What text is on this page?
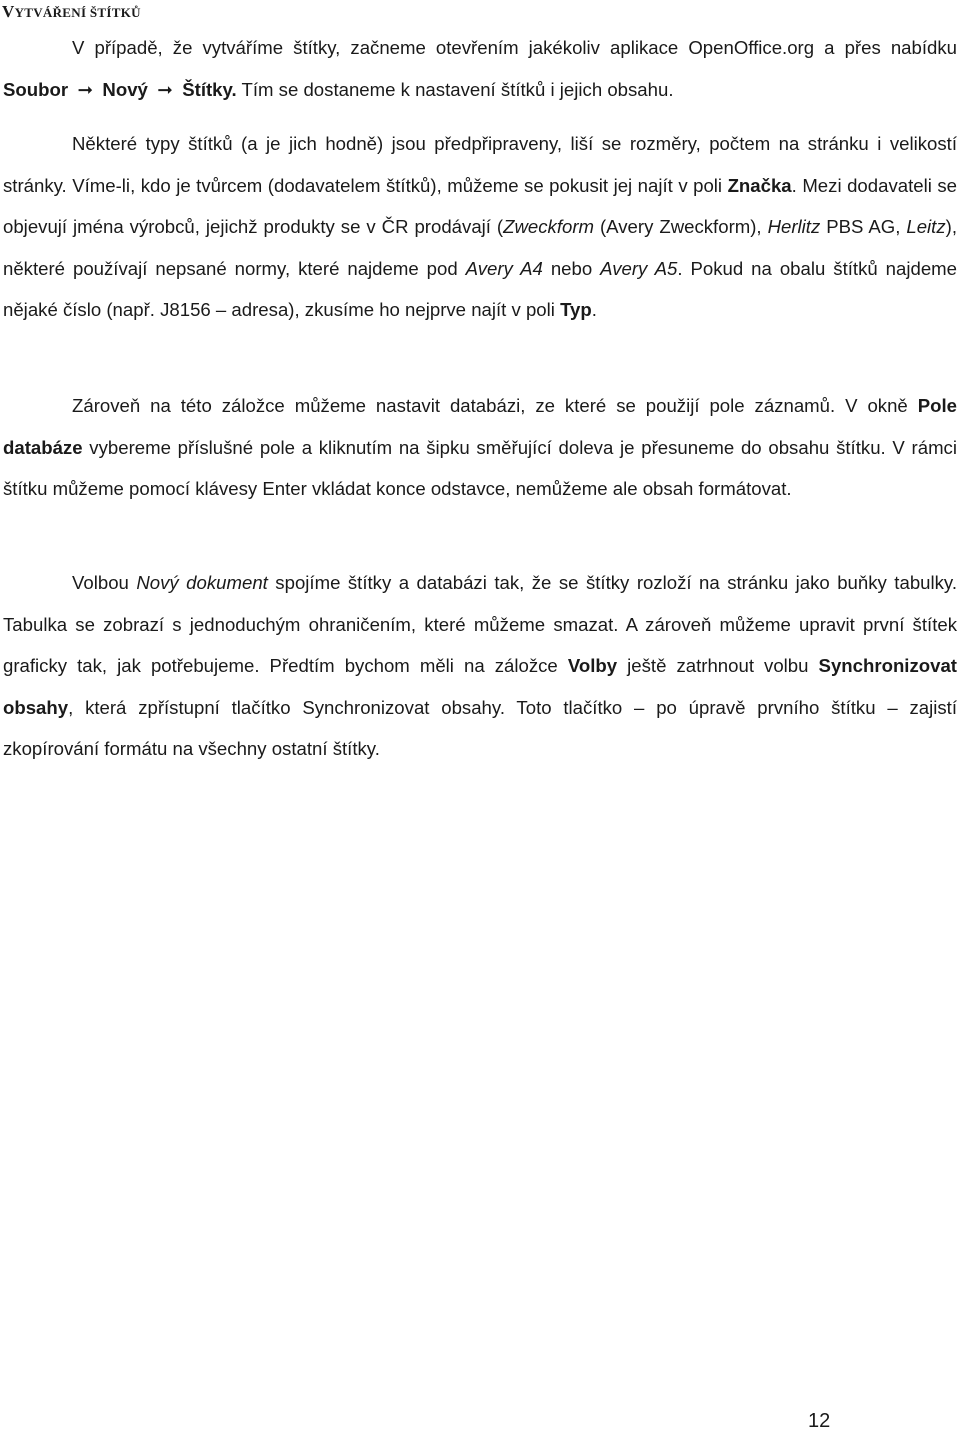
VYTVÁŘENÍ ŠTÍTKŮ

V případě, že vytváříme štítky, začneme otevřením jakékoliv aplikace OpenOffice.org a přes nabídku Soubor ➞ Nový ➞ Štítky. Tím se dostaneme k nastavení štítků i jejich obsahu.

Některé typy štítků (a je jich hodně) jsou předpřipraveny, liší se rozměry, počtem na stránku i velikostí stránky. Víme-li, kdo je tvůrcem (dodavatelem štítků), můžeme se pokusit jej najít v poli Značka. Mezi dodavateli se objevují jména výrobců, jejichž produkty se v ČR prodávají (Zweckform (Avery Zweckform), Herlitz PBS AG, Leitz), některé používají nepsané normy, které najdeme pod Avery A4 nebo Avery A5. Pokud na obalu štítků najdeme nějaké číslo (např. J8156 – adresa), zkusíme ho nejprve najít v poli Typ.

Zároveň na této záložce můžeme nastavit databázi, ze které se použijí pole záznamů. V okně Pole databáze vybereme příslušné pole a kliknutím na šipku směřující doleva je přesuneme do obsahu štítku. V rámci štítku můžeme pomocí klávesy Enter vkládat konce odstavce, nemůžeme ale obsah formátovat.

Volbou Nový dokument spojíme štítky a databázi tak, že se štítky rozloží na stránku jako buňky tabulky. Tabulka se zobrazí s jednoduchým ohraničením, které můžeme smazat. A zároveň můžeme upravit první štítek graficky tak, jak potřebujeme. Předtím bychom měli na záložce Volby ještě zatrhnout volbu Synchronizovat obsahy, která zpřístupní tlačítko Synchronizovat obsahy. Toto tlačítko – po úpravě prvního štítku – zajistí zkopírování formátu na všechny ostatní štítky.

12
